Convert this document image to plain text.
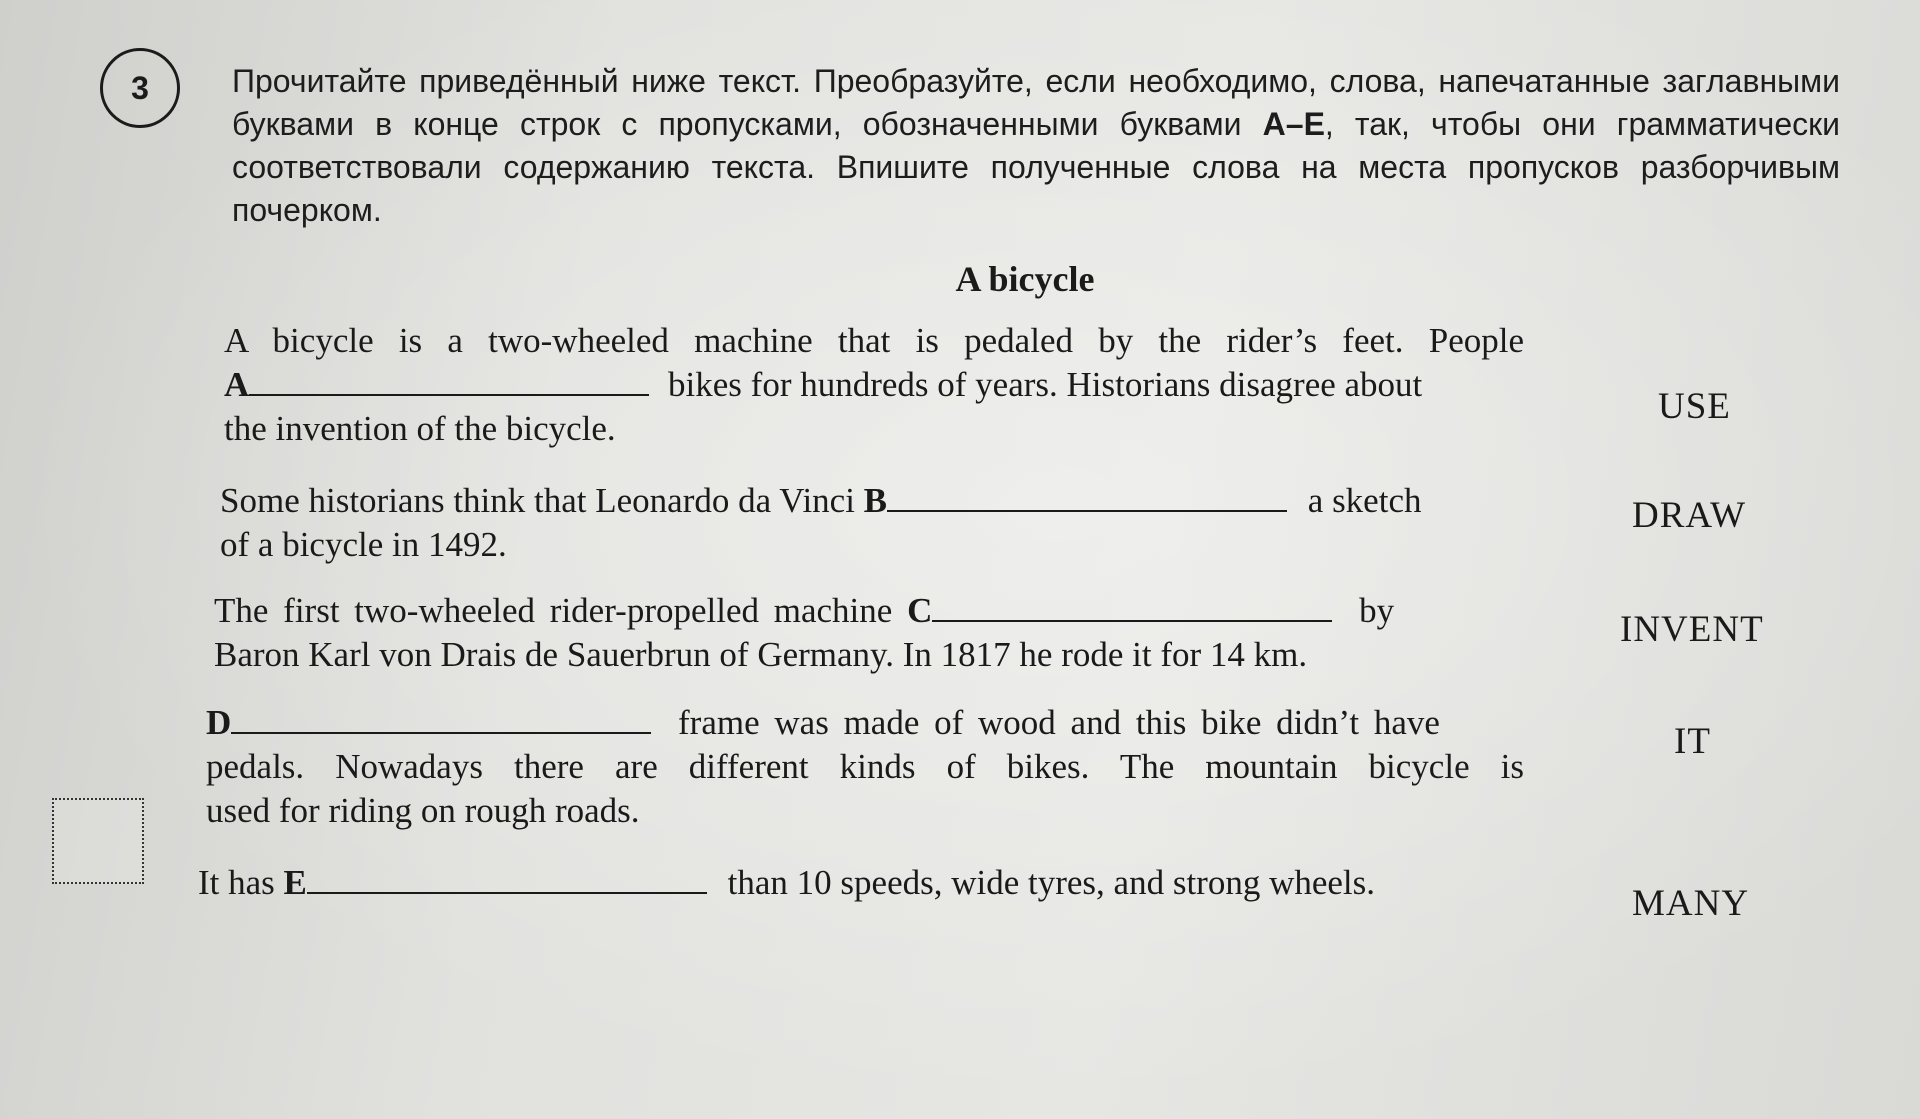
3	Прочитайте приведённый ниже текст. Преобразуйте, если необходимо, слова, напечатанные заглавными буквами в конце строк с пропусками, обозначенными буквами А–Е, так, чтобы они грамматически соответствовали содержанию текста. Впишите полученные слова на места пропусков разборчивым почерком.
A bicycle
A bicycle is a two-wheeled machine that is pedaled by the rider’s feet. People
A	bikes for hundreds of years. Historians disagree about
the invention of the bicycle.
USE
Some historians think that Leonardo da Vinci B	a sketch
of a bicycle in 1492.
DRAW
The first two-wheeled rider-propelled machine C	by
Baron Karl von Drais de Sauerbrun of Germany. In 1817 he rode it for 14 km.
INVENT
D	frame was made of wood and this bike didn’t have
pedals. Nowadays there are different kinds of bikes. The mountain bicycle is
used for riding on rough roads.
IT
It has E	than 10 speeds, wide tyres, and strong wheels.
MANY
